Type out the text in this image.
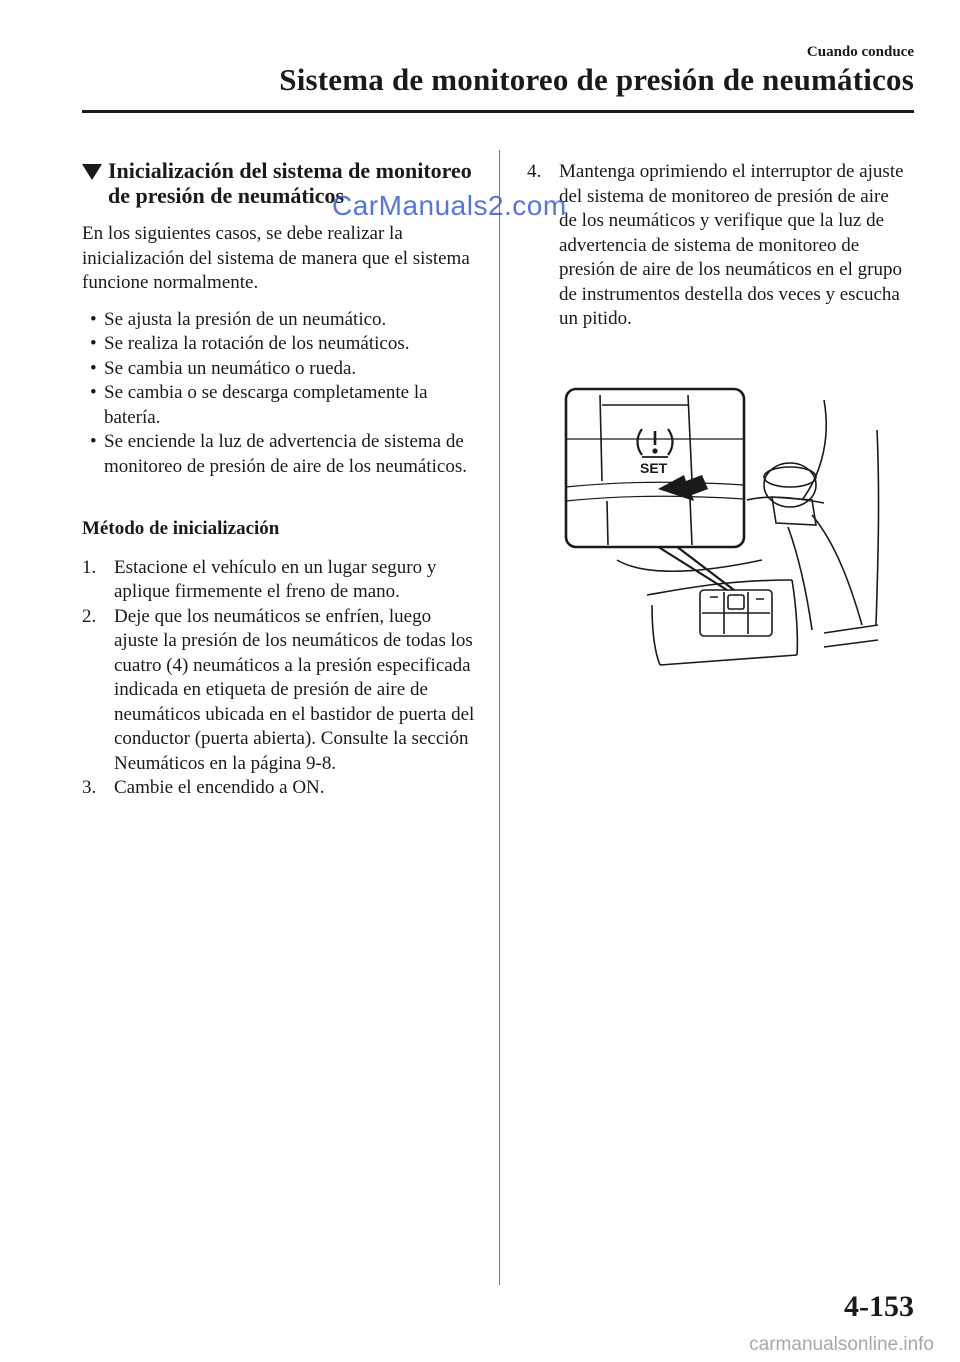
Cuando conduce
Sistema de monitoreo de presión de neumáticos
Inicialización del sistema de monitoreo de presión de neumáticos

En los siguientes casos, se debe realizar la inicialización del sistema de manera que el sistema funcione normalmente.

• Se ajusta la presión de un neumático.
• Se realiza la rotación de los neumáticos.
• Se cambia un neumático o rueda.
• Se cambia o se descarga completamente la batería.
• Se enciende la luz de advertencia de sistema de monitoreo de presión de aire de los neumáticos.
Método de inicialización
1. Estacione el vehículo en un lugar seguro y aplique firmemente el freno de mano.
2. Deje que los neumáticos se enfríen, luego ajuste la presión de los neumáticos de todas los cuatro (4) neumáticos a la presión especificada indicada en etiqueta de presión de aire de neumáticos ubicada en el bastidor de puerta del conductor (puerta abierta). Consulte la sección Neumáticos en la página 9-8.
3. Cambie el encendido a ON.
4. Mantenga oprimiendo el interruptor de ajuste del sistema de monitoreo de presión de aire de los neumáticos y verifique que la luz de advertencia de sistema de monitoreo de presión de aire de los neumáticos en el grupo de instrumentos destella dos veces y escucha un pitido.
SET
CarManuals2.com
4-153
carmanualsonline.info
